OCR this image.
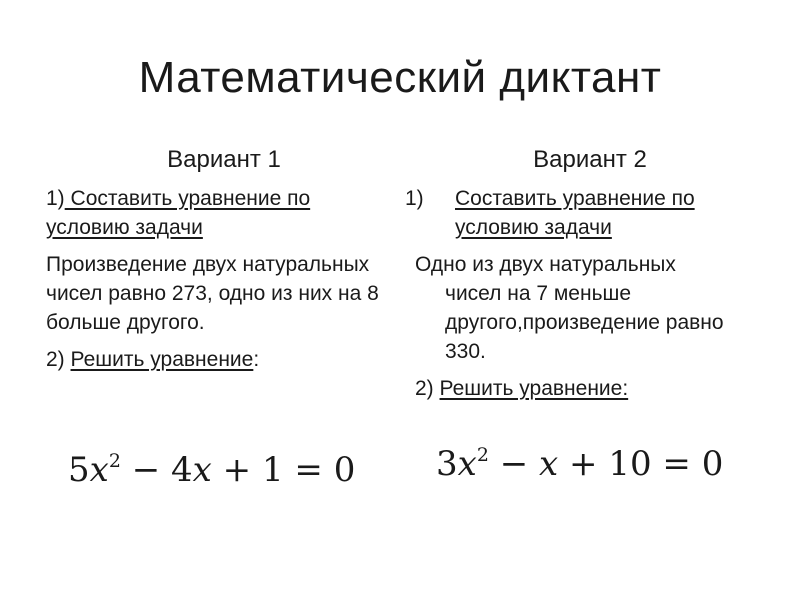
Математический диктант
Вариант 1
1) Составить уравнение по условию задачи
Произведение двух натуральных чисел равно 273, одно из них на 8 больше другого.
2) Решить уравнение:
$5x^2 - 4x + 1 = 0$
Вариант 2
1)	Составить уравнение по условию задачи
Одно из двух натуральных
чисел на 7 меньше другого,произведение равно 330.
2) Решить уравнение:
$3x^2 - x + 10 = 0$
